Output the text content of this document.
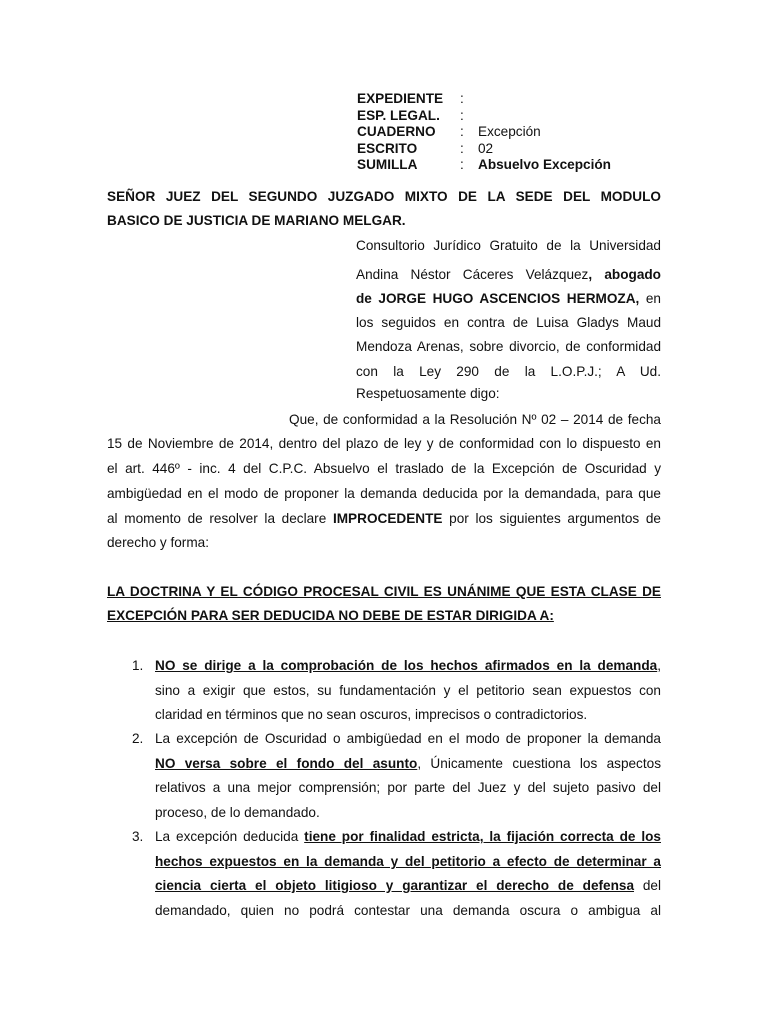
EXPEDIENTE	:	
ESP. LEGAL.	:	
CUADERNO	:	Excepción
ESCRITO	:	02
SUMILLA	:	Absuelvo Excepción
SEÑOR JUEZ DEL SEGUNDO JUZGADO MIXTO DE LA SEDE DEL MODULO
BASICO DE JUSTICIA DE MARIANO MELGAR.
Consultorio Jurídico Gratuito de la Universidad
Andina Néstor Cáceres Velázquez, abogado
de JORGE HUGO ASCENCIOS HERMOZA, en
los seguidos en contra de Luisa Gladys Maud
Mendoza Arenas, sobre divorcio, de conformidad
con la Ley 290 de la L.O.P.J.; A Ud.
Respetuosamente digo:
Que, de conformidad a la Resolución Nº 02 – 2014 de fecha
15 de Noviembre de 2014, dentro del plazo de ley y de conformidad con lo dispuesto en
el art. 446º - inc. 4 del C.P.C. Absuelvo el traslado de la Excepción de Oscuridad y
ambigüedad en el modo de proponer la demanda deducida por la demandada, para que
al momento de resolver la declare IMPROCEDENTE por los siguientes argumentos de
derecho y forma:
LA DOCTRINA Y EL CÓDIGO PROCESAL CIVIL ES UNÁNIME QUE ESTA CLASE DE
EXCEPCIÓN PARA SER DEDUCIDA NO DEBE DE ESTAR DIRIGIDA A:
1. NO se dirige a la comprobación de los hechos afirmados en la demanda,
sino a exigir que estos, su fundamentación y el petitorio sean expuestos con
claridad en términos que no sean oscuros, imprecisos o contradictorios.
2. La excepción de Oscuridad o ambigüedad en el modo de proponer la demanda
NO versa sobre el fondo del asunto, Únicamente cuestiona los aspectos
relativos a una mejor comprensión; por parte del Juez y del sujeto pasivo del
proceso, de lo demandado.
3. La excepción deducida tiene por finalidad estricta, la fijación correcta de los
hechos expuestos en la demanda y del petitorio a efecto de determinar a
ciencia cierta el objeto litigioso y garantizar el derecho de defensa del
demandado, quien no podrá contestar una demanda oscura o ambigua al
